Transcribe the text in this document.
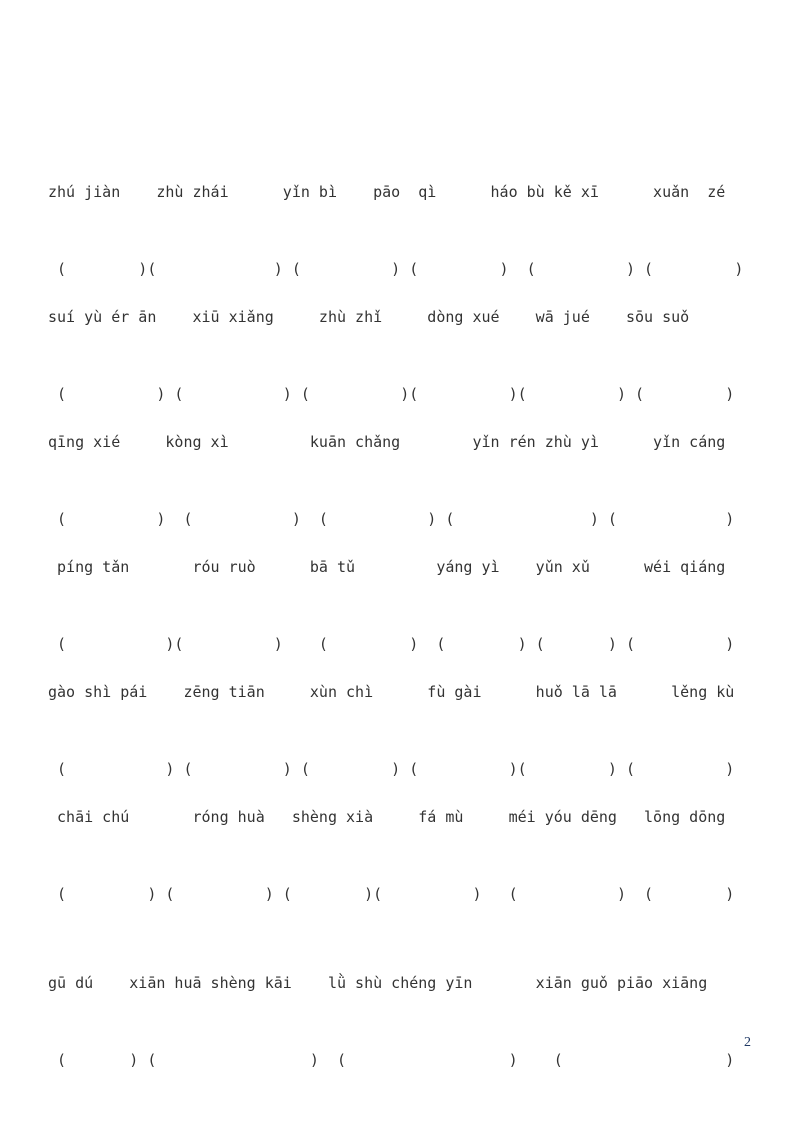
zhú jiàn    zhù zhái      yǐn bì    pāo  qì      háo bù kě xī      xuǎn  zé

(        )(             ) (          ) (         )  (          ) (         )

suí yù ér ān    xiū xiǎng     zhù zhǐ     dòng xué    wā jué    sōu suǒ

(          ) (           ) (          )(          )(          ) (         )

qīng xié     kòng xì         kuān chǎng        yǐn rén zhù yì      yǐn cáng

(          )  (           )  (           ) (               ) (            )

píng tǎn       róu ruò      bā tǔ         yáng yì    yǔn xǔ      wéi qiáng

(           )(          )    (         )  (        ) (       ) (          )

gào shì pái    zēng tiān     xùn chì      fù gài      huǒ lā lā      lěng kù

(           ) (          ) (         ) (          )(         ) (          )

chāi chú       róng huà   shèng xià     fá mù     méi yóu dēng   lōng dōng

(         ) (          ) (        )(          )   (           )  (        )

gū dú    xiān huā shèng kāi    lǜ shù chéng yīn       xiān guǒ piāo xiāng

(       ) (                 )  (                  )    (                  )

2
